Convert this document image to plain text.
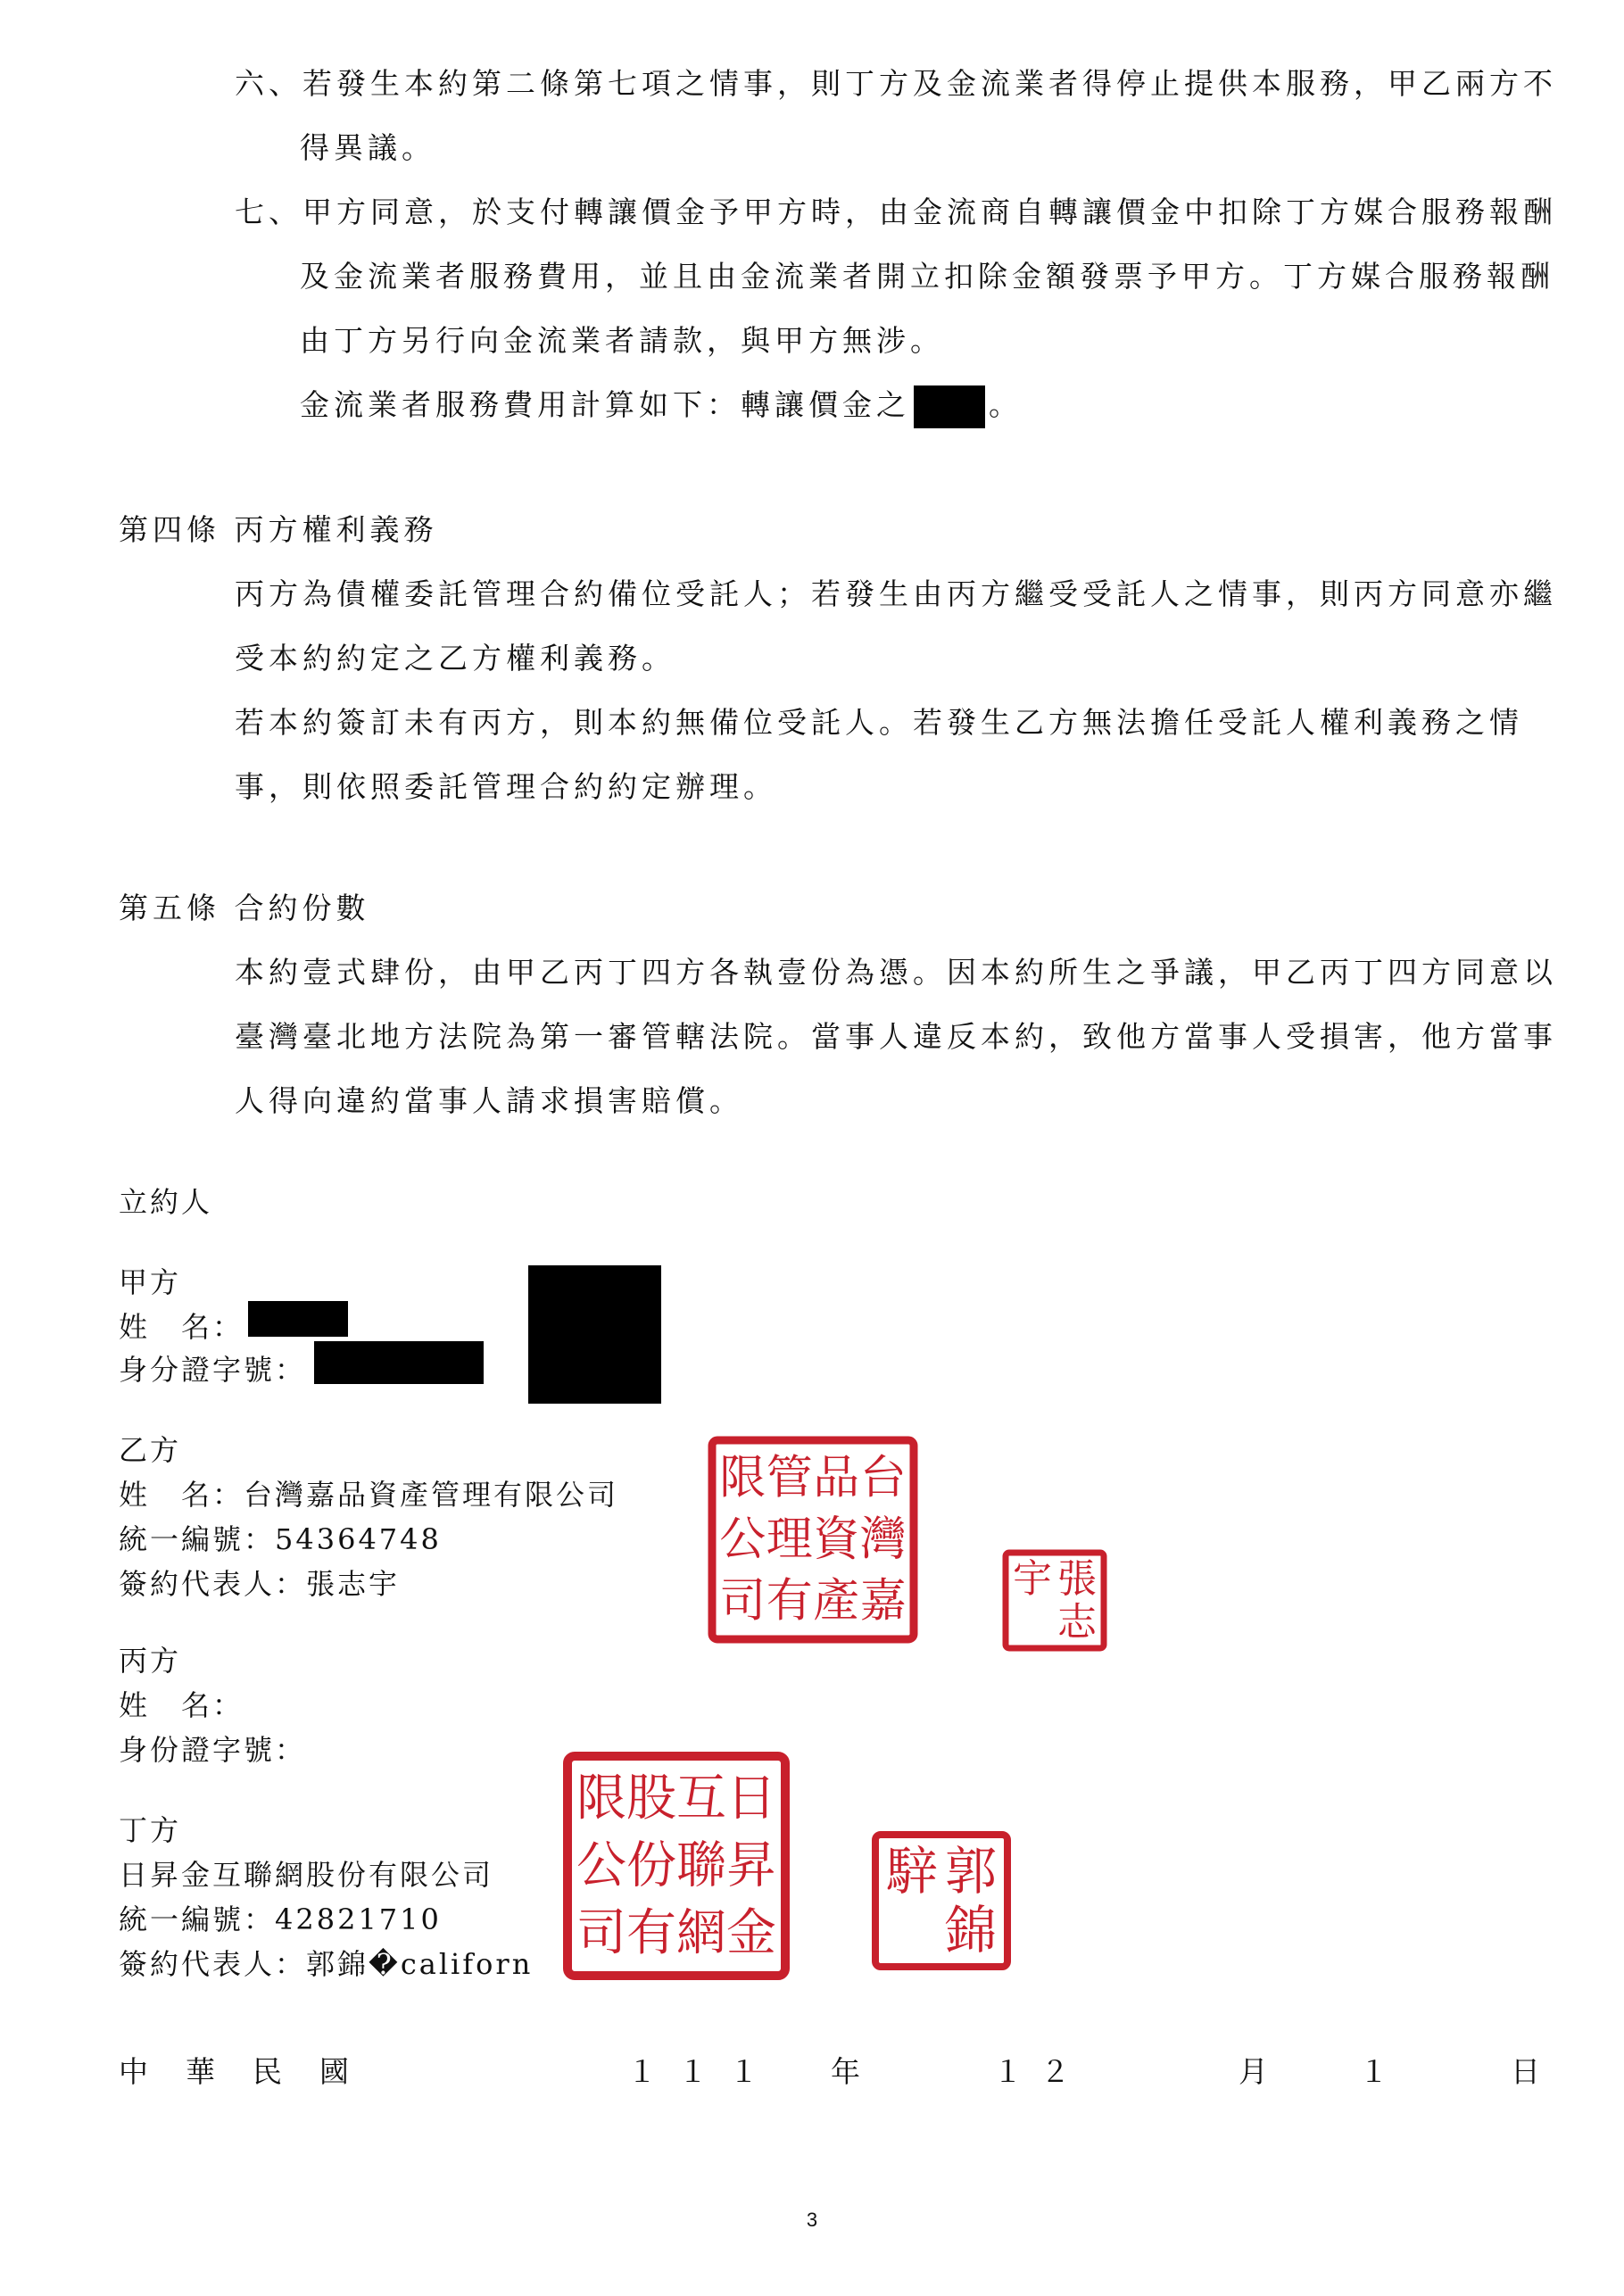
六、若發生本約第二條第七項之情事，則丁方及金流業者得停止提供本服務，甲乙兩方不
得異議。
七、甲方同意，於支付轉讓價金予甲方時，由金流商自轉讓價金中扣除丁方媒合服務報酬
及金流業者服務費用，並且由金流業者開立扣除金額發票予甲方。丁方媒合服務報酬
由丁方另行向金流業者請款，與甲方無涉。
金流業者服務費用計算如下：轉讓價金之	。
第四條 丙方權利義務
丙方為債權委託管理合約備位受託人；若發生由丙方繼受受託人之情事，則丙方同意亦繼
受本約約定之乙方權利義務。
若本約簽訂未有丙方，則本約無備位受託人。若發生乙方無法擔任受託人權利義務之情
事，則依照委託管理合約約定辦理。
第五條 合約份數
本約壹式肆份，由甲乙丙丁四方各執壹份為憑。因本約所生之爭議，甲乙丙丁四方同意以
臺灣臺北地方法院為第一審管轄法院。當事人違反本約，致他方當事人受損害，他方當事
人得向違約當事人請求損害賠償。
立約人
甲方
姓　名：
身分證字號：
乙方
姓　名：台灣嘉品資產管理有限公司
統一編號：54364748
簽約代表人：張志宇
台
灣
嘉
品
資
產
管
理
有
限
公
司	張
志
宇
丙方
姓　名：
身份證字號：
丁方
日昇金互聯網股份有限公司
統一編號：42821710
簽約代表人：郭錦�californ
日
昇
金
互
聯
網
股
份
有
限
公
司
郭
錦
騂
中華民國	１１１ 年	１２	月	１	日
3
